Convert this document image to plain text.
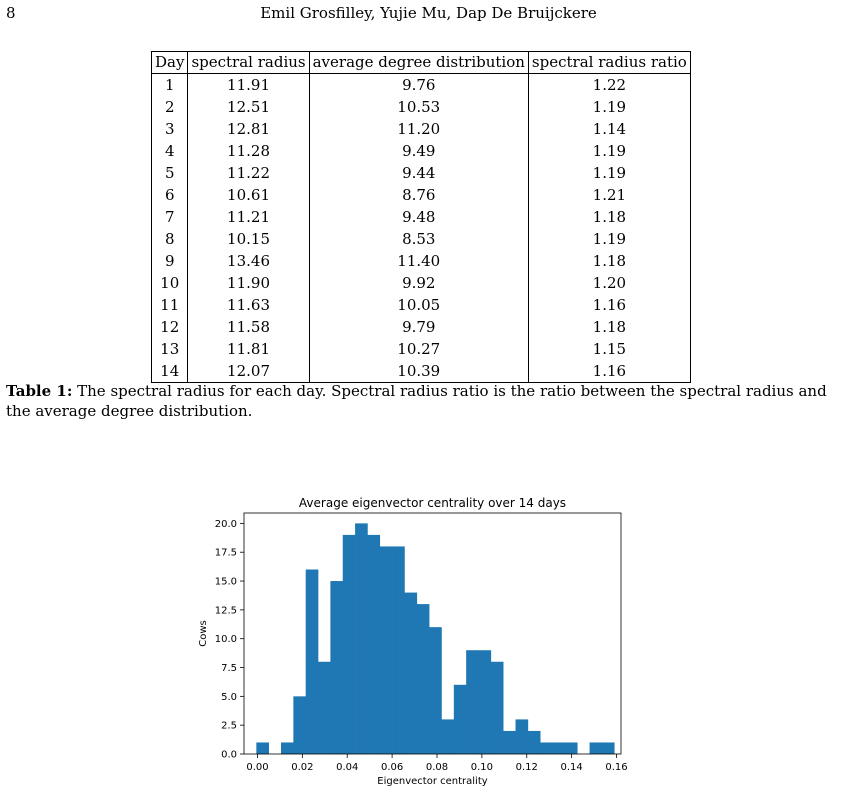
8	Emil Grosfilley, Yujie Mu, Dap De Bruijckere
Day	spectral radius	average degree distribution	spectral radius ratio
1	11.91	9.76	1.22
2	12.51	10.53	1.19
3	12.81	11.20	1.14
4	11.28	9.49	1.19
5	11.22	9.44	1.19
6	10.61	8.76	1.21
7	11.21	9.48	1.18
8	10.15	8.53	1.19
9	13.46	11.40	1.18
10	11.90	9.92	1.20
11	11.63	10.05	1.16
12	11.58	9.79	1.18
13	11.81	10.27	1.15
14	12.07	10.39	1.16
Table 1: The spectral radius for each day. Spectral radius ratio is the ratio between the spectral radius and the average degree distribution.
0.00 0.02 0.04 0.06 0.08 0.10 0.12 0.14 0.16
0.0
2.5
5.0
7.5
10.0
12.5
15.0
17.5
20.0
Average eigenvector centrality over 14 days
Eigenvector centrality
Cows
